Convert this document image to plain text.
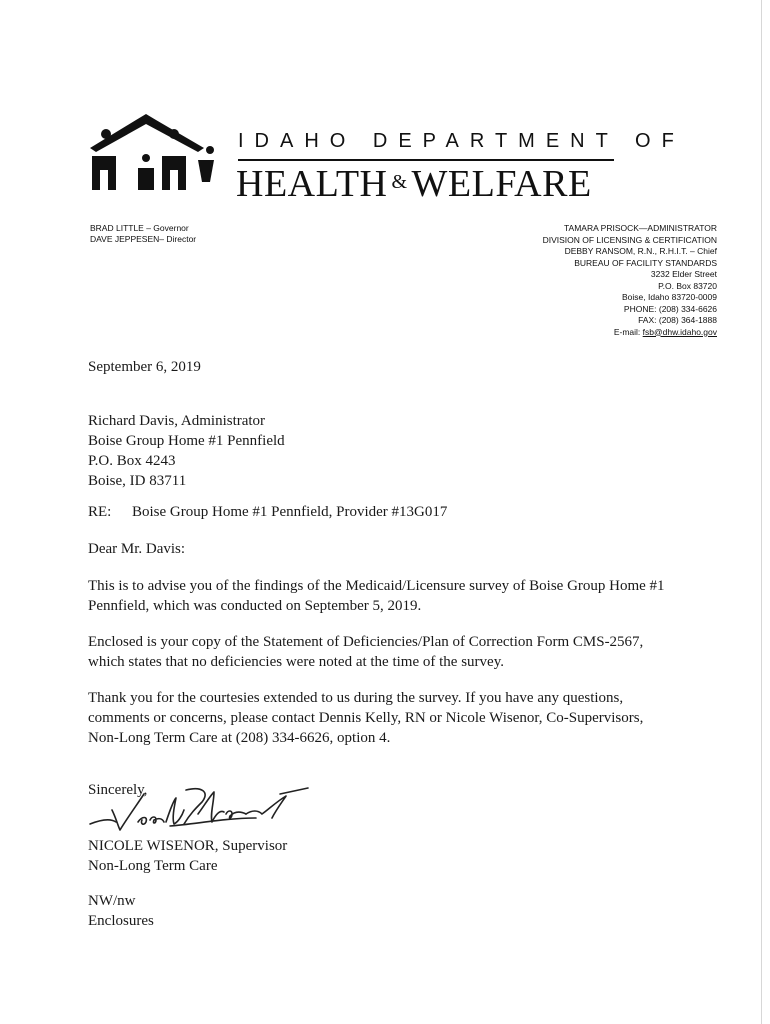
IDAHO DEPARTMENT OF
HEALTH & WELFARE
BRAD LITTLE – Governor
DAVE JEPPESEN– Director
TAMARA PRISOCK—ADMINISTRATOR
DIVISION OF LICENSING & CERTIFICATION
DEBBY RANSOM, R.N., R.H.I.T. – Chief
BUREAU OF FACILITY STANDARDS
3232 Elder Street
P.O. Box 83720
Boise, Idaho 83720-0009
PHONE: (208) 334-6626
FAX: (208) 364-1888
E-mail: fsb@dhw.idaho.gov
September 6, 2019
Richard Davis, Administrator
Boise Group Home #1 Pennfield
P.O. Box 4243
Boise, ID 83711
RE: Boise Group Home #1 Pennfield, Provider #13G017
Dear Mr. Davis:
This is to advise you of the findings of the Medicaid/Licensure survey of Boise Group Home #1
Pennfield, which was conducted on September 5, 2019.
Enclosed is your copy of the Statement of Deficiencies/Plan of Correction Form CMS-2567,
which states that no deficiencies were noted at the time of the survey.
Thank you for the courtesies extended to us during the survey. If you have any questions,
comments or concerns, please contact Dennis Kelly, RN or Nicole Wisenor, Co-Supervisors,
Non-Long Term Care at (208) 334-6626, option 4.
Sincerely,
NICOLE WISENOR, Supervisor
Non-Long Term Care
NW/nw
Enclosures
